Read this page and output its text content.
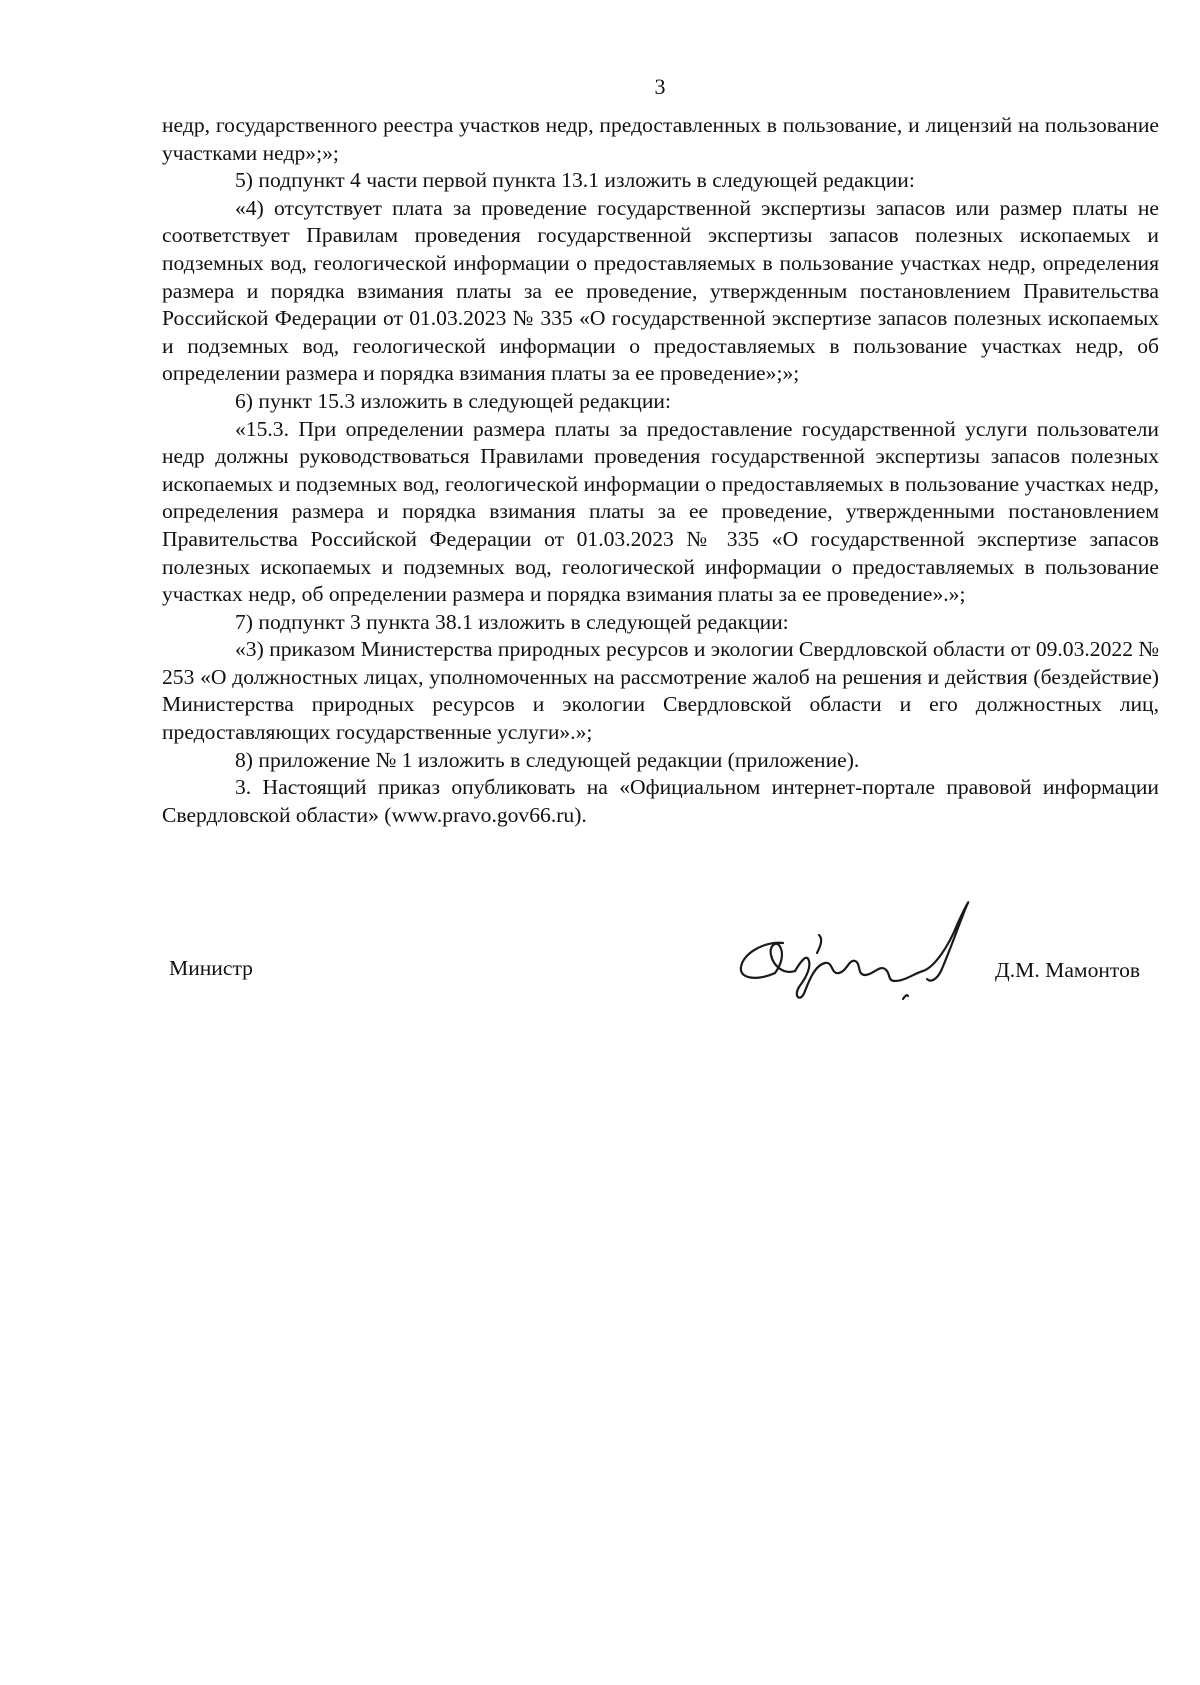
3

недр, государственного реестра участков недр, предоставленных в пользование, и лицензий на пользование участками недр»;»;

5) подпункт 4 части первой пункта 13.1 изложить в следующей редакции:

«4) отсутствует плата за проведение государственной экспертизы запасов или размер платы не соответствует Правилам проведения государственной экспертизы запасов полезных ископаемых и подземных вод, геологической информации о предоставляемых в пользование участках недр, определения размера и порядка взимания платы за ее проведение, утвержденным постановлением Правительства Российской Федерации от 01.03.2023 № 335 «О государственной экспертизе запасов полезных ископаемых и подземных вод, геологической информации о предоставляемых в пользование участках недр, об определении размера и порядка взимания платы за ее проведение»;»;

6) пункт 15.3 изложить в следующей редакции:

«15.3. При определении размера платы за предоставление государственной услуги пользователи недр должны руководствоваться Правилами проведения государственной экспертизы запасов полезных ископаемых и подземных вод, геологической информации о предоставляемых в пользование участках недр, определения размера и порядка взимания платы за ее проведение, утвержденными постановлением Правительства Российской Федерации от 01.03.2023 № 335 «О государственной экспертизе запасов полезных ископаемых и подземных вод, геологической информации о предоставляемых в пользование участках недр, об определении размера и порядка взимания платы за ее проведение».»;

7) подпункт 3 пункта 38.1 изложить в следующей редакции:

«3) приказом Министерства природных ресурсов и экологии Свердловской области от 09.03.2022 № 253 «О должностных лицах, уполномоченных на рассмотрение жалоб на решения и действия (бездействие) Министерства природных ресурсов и экологии Свердловской области и его должностных лиц, предоставляющих государственные услуги».»;

8) приложение № 1 изложить в следующей редакции (приложение).

3. Настоящий приказ опубликовать на «Официальном интернет-портале правовой информации Свердловской области» (www.pravo.gov66.ru).

Министр	Д.М. Мамонтов
